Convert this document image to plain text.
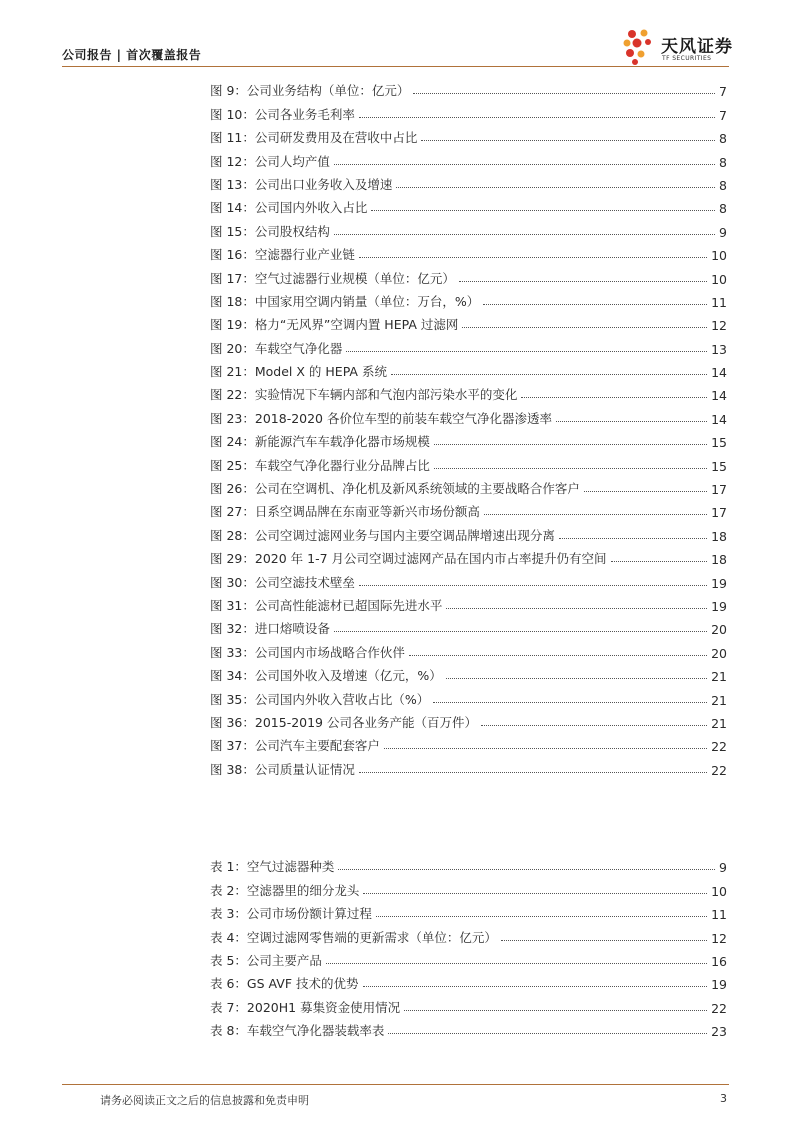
公司报告 | 首次覆盖报告	天风证券
TF SECURITIES
图 9：公司业务结构（单位：亿元）	7
图 10：公司各业务毛利率	7
图 11：公司研发费用及在营收中占比	8
图 12：公司人均产值	8
图 13：公司出口业务收入及增速	8
图 14：公司国内外收入占比	8
图 15：公司股权结构	9
图 16：空滤器行业产业链	10
图 17：空气过滤器行业规模（单位：亿元）	10
图 18：中国家用空调内销量（单位：万台，%）	11
图 19：格力“无风界”空调内置 HEPA 过滤网	12
图 20：车载空气净化器	13
图 21：Model X 的 HEPA 系统	14
图 22：实验情况下车辆内部和气泡内部污染水平的变化	14
图 23：2018-2020 各价位车型的前装车载空气净化器渗透率	14
图 24：新能源汽车车载净化器市场规模	15
图 25：车载空气净化器行业分品牌占比	15
图 26：公司在空调机、净化机及新风系统领域的主要战略合作客户	17
图 27：日系空调品牌在东南亚等新兴市场份额高	17
图 28：公司空调过滤网业务与国内主要空调品牌增速出现分离	18
图 29：2020 年 1-7 月公司空调过滤网产品在国内市占率提升仍有空间	18
图 30：公司空滤技术壁垒	19
图 31：公司高性能滤材已超国际先进水平	19
图 32：进口熔喷设备	20
图 33：公司国内市场战略合作伙伴	20
图 34：公司国外收入及增速（亿元，%）	21
图 35：公司国内外收入营收占比（%）	21
图 36：2015-2019 公司各业务产能（百万件）	21
图 37：公司汽车主要配套客户	22
图 38：公司质量认证情况	22
表 1：空气过滤器种类	9
表 2：空滤器里的细分龙头	10
表 3：公司市场份额计算过程	11
表 4：空调过滤网零售端的更新需求（单位：亿元）	12
表 5：公司主要产品	16
表 6：GS AVF 技术的优势	19
表 7：2020H1 募集资金使用情况	22
表 8：车载空气净化器装载率表	23
请务必阅读正文之后的信息披露和免责申明	3
